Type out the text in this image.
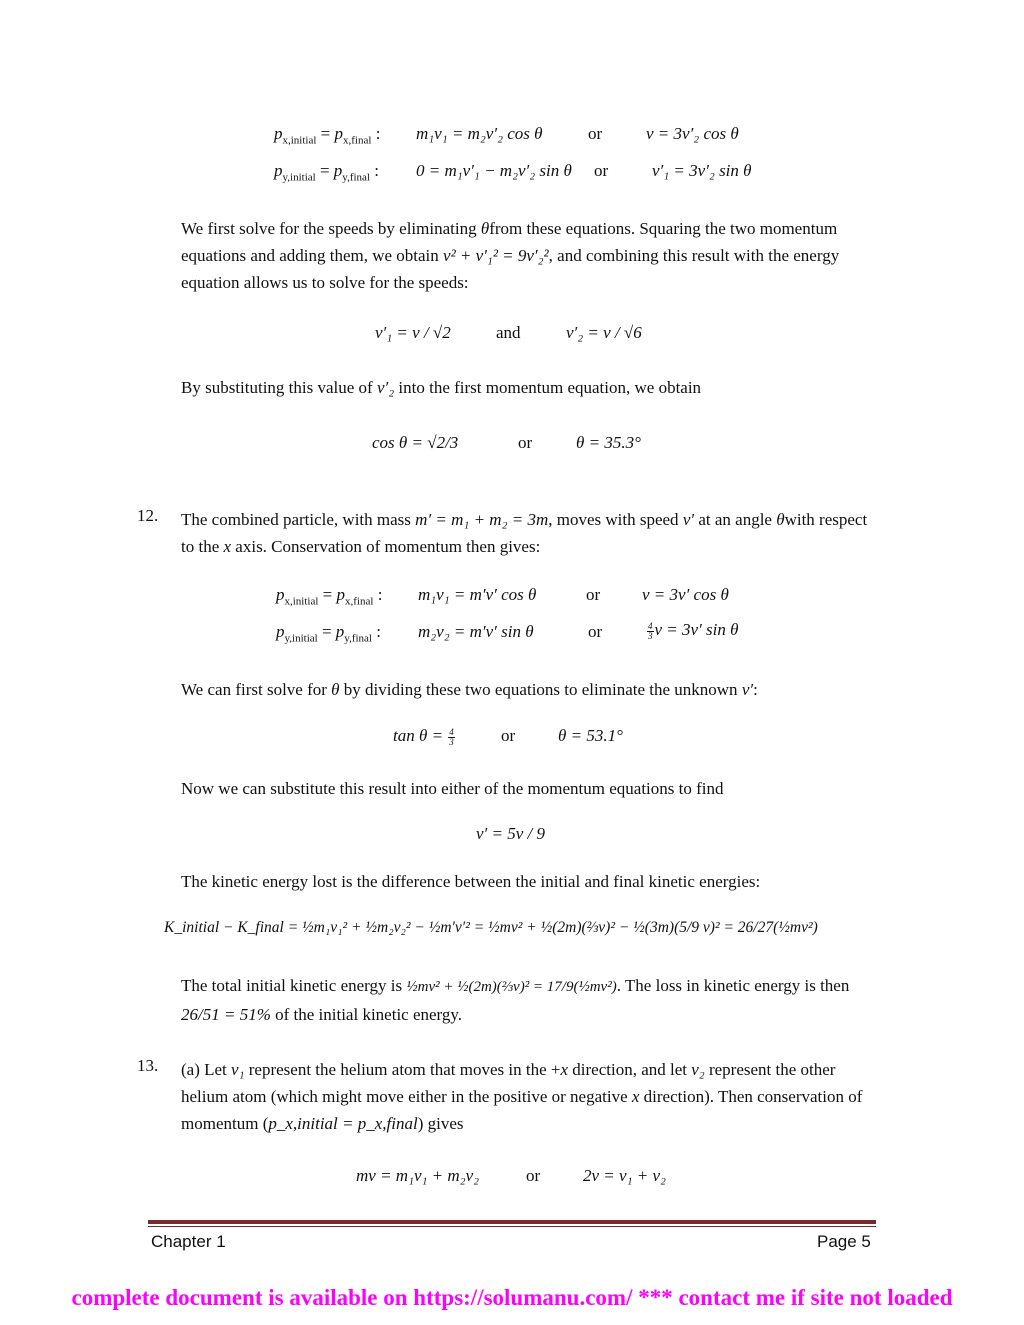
$p_{x,initial} = p_{x,final}$ : m₁v₁ = m₂v′₂ cos θ	or	v = 3v′₂ cos θ
$p_{y,initial} = p_{y,final}$ : 0 = m₁v′₁ − m₂v′₂ sin θ or	v′₁ = 3v′₂ sin θ
We first solve for the speeds by eliminating θfrom these equations. Squaring the two momentum equations and adding them, we obtain v² + v′₁² = 9v′₂², and combining this result with the energy equation allows us to solve for the speeds:
v′₁ = v / √2	and	v′₂ = v / √6
By substituting this value of v′₂ into the first momentum equation, we obtain
cos θ = √2/3	or	θ = 35.3°
12. The combined particle, with mass m′ = m₁ + m₂ = 3m, moves with speed v′ at an angle θwith respect to the x axis. Conservation of momentum then gives:
$p_{x,initial} = p_{x,final}$ : m₁v₁ = m′v′ cos θ	or v = 3v′ cos θ
$p_{y,initial} = p_{y,final}$ : m₂v₂ = m′v′ sin θ	or	$\frac{4}{3}$ v = 3v′ sin θ
We can first solve for θ by dividing these two equations to eliminate the unknown v′:
$\tan \theta = \frac{4}{3}$	or	θ = 53.1°
Now we can substitute this result into either of the momentum equations to find
v′ = 5v / 9
The kinetic energy lost is the difference between the initial and final kinetic energies:
K_initial − K_final = ½m₁v₁² + ½m₂v₂² − ½m′v′² = ½mv² + ½(2m)(⅔v)² − ½(3m)(5/9 v)² = 26/27(½mv²)
The total initial kinetic energy is ½mv² + ½(2m)(⅔v)² = 17/9(½mv²). The loss in kinetic energy is then 26/51 = 51% of the initial kinetic energy.
13. (a) Let v₁ represent the helium atom that moves in the +x direction, and let v₂ represent the other helium atom (which might move either in the positive or negative x direction). Then conservation of momentum (p_x,initial = p_x,final) gives
mv = m₁v₁ + m₂v₂	or	2v = v₁ + v₂
Chapter 1	Page 5
complete document is available on https://solumanu.com/ *** contact me if site not loaded
